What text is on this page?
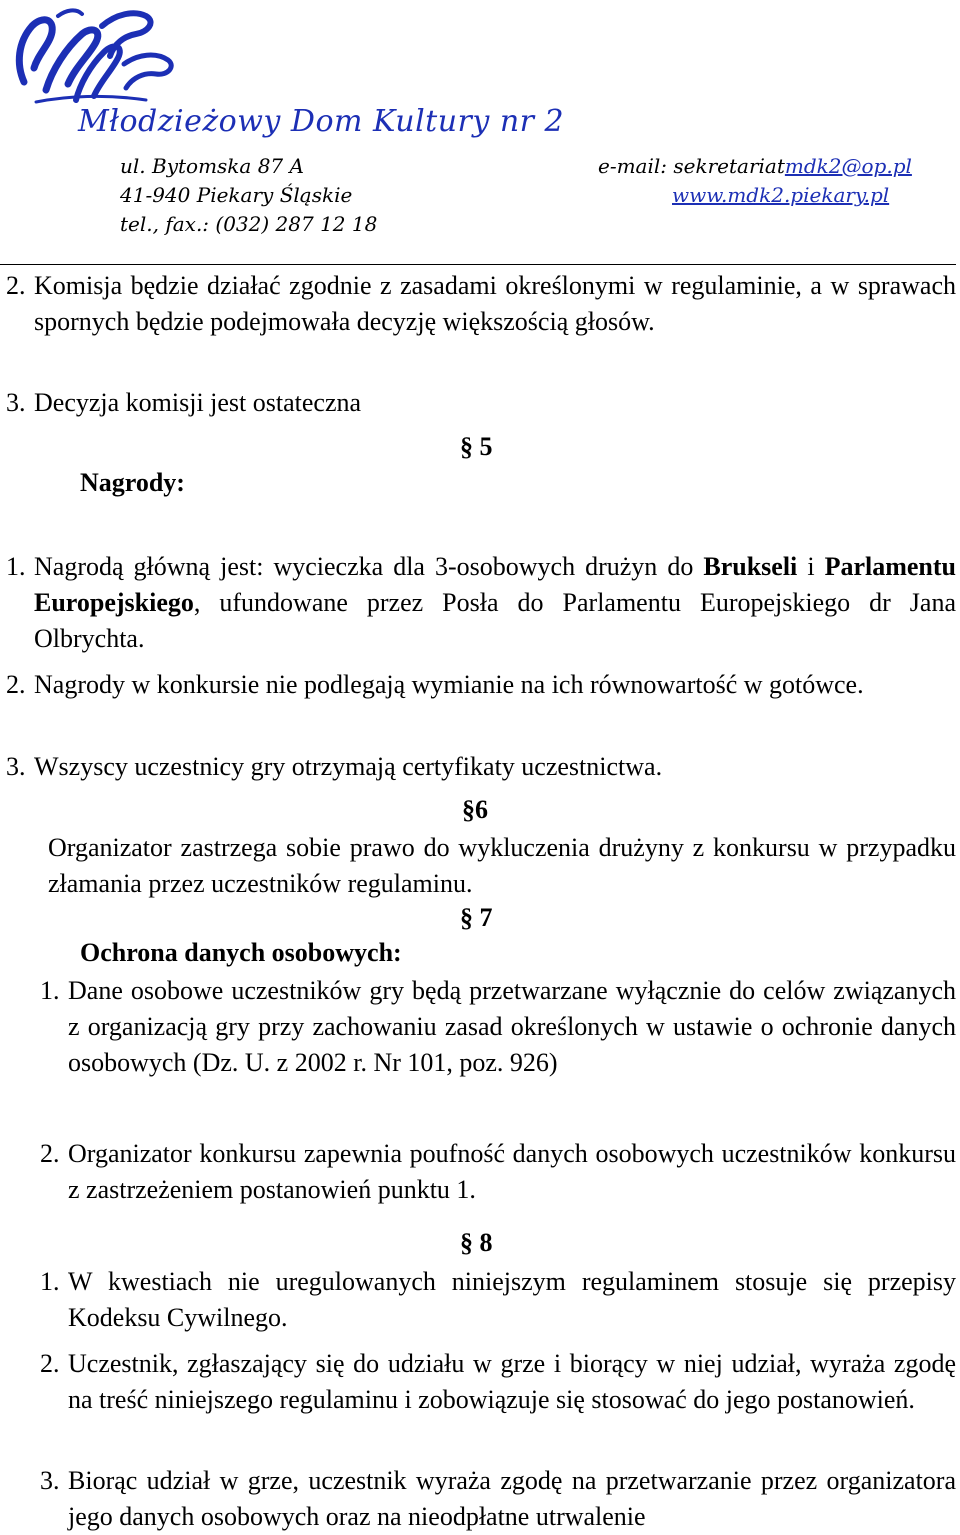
Młodzieżowy Dom Kultury nr 2
ul. Bytomska 87 A
41-940 Piekary Śląskie
tel., fax.: (032) 287 12 18
e-mail: sekretariatmdk2@op.pl
www.mdk2.piekary.pl
2. Komisja będzie działać zgodnie z zasadami określonymi w regulaminie, a w sprawach spornych będzie podejmowała decyzję większością głosów.
3. Decyzja komisji jest ostateczna
§ 5
Nagrody:
1. Nagrodą główną jest: wycieczka dla 3-osobowych drużyn do Brukseli i Parlamentu Europejskiego, ufundowane przez Posła do Parlamentu Europejskiego dr Jana Olbrychta.
2. Nagrody w konkursie nie podlegają wymianie na ich równowartość w gotówce.
3. Wszyscy uczestnicy gry otrzymają certyfikaty uczestnictwa.
§6
Organizator zastrzega sobie prawo do wykluczenia drużyny z konkursu w przypadku złamania przez uczestników regulaminu.
§ 7
Ochrona danych osobowych:
1. Dane osobowe uczestników gry będą przetwarzane wyłącznie do celów związanych z organizacją gry przy zachowaniu zasad określonych w ustawie o ochronie danych osobowych (Dz. U. z 2002 r. Nr 101, poz. 926)
2. Organizator konkursu zapewnia poufność danych osobowych uczestników konkursu z zastrzeżeniem postanowień punktu 1.
§ 8
1. W kwestiach nie uregulowanych niniejszym regulaminem stosuje się przepisy Kodeksu Cywilnego.
2. Uczestnik, zgłaszający się do udziału w grze i biorący w niej udział, wyraża zgodę na treść niniejszego regulaminu i zobowiązuje się stosować do jego postanowień.
3. Biorąc udział w grze, uczestnik wyraża zgodę na przetwarzanie przez organizatora jego danych osobowych oraz na nieodpłatne utrwalenie
